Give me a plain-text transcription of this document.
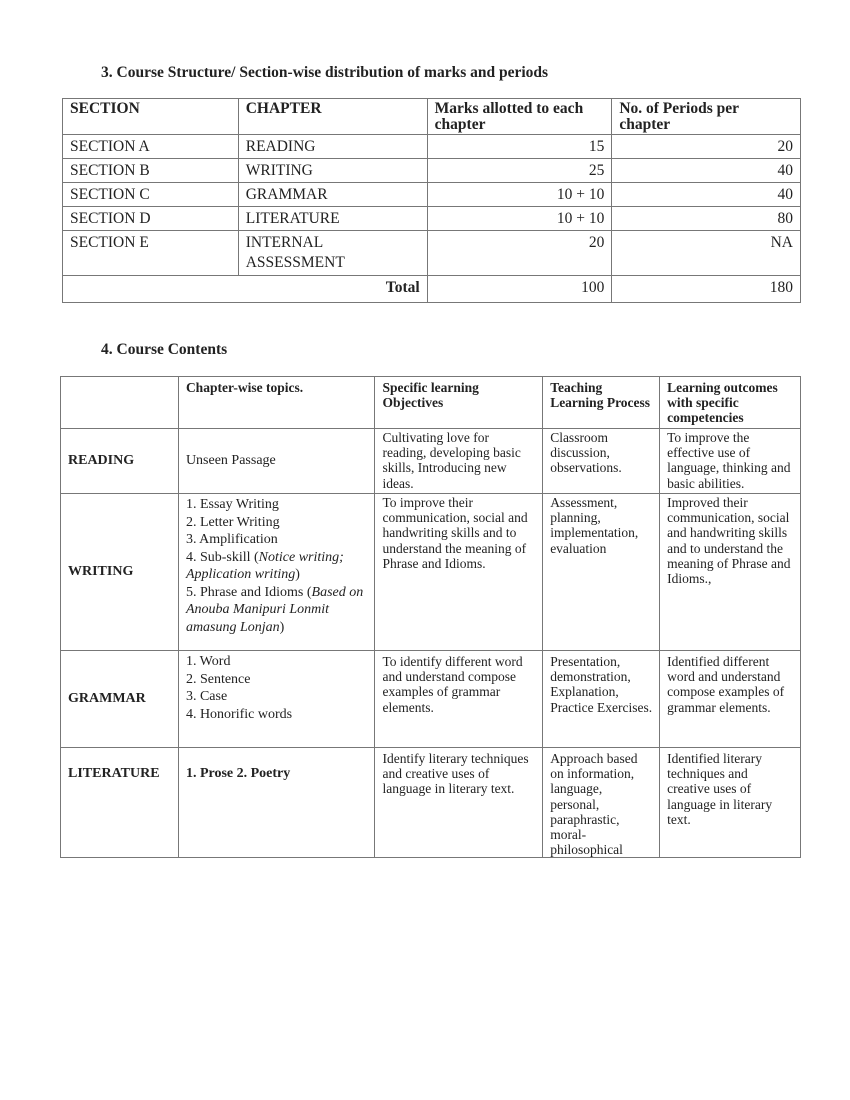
3. Course Structure/ Section-wise distribution of marks and periods
SECTION	CHAPTER	Marks allotted to each chapter	No. of Periods per chapter
SECTION A	READING	15	20
SECTION B	WRITING	25	40
SECTION C	GRAMMAR	10 + 10	40
SECTION D	LITERATURE	10 + 10	80
SECTION E	INTERNAL ASSESSMENT	20	NA
Total		100	180
4. Course Contents
	Chapter-wise topics.	Specific learning Objectives	Teaching Learning Process	Learning outcomes with specific competencies
READING	Unseen Passage	Cultivating love for reading, developing basic skills, Introducing new ideas.	Classroom discussion, observations.	To improve the effective use of language, thinking and basic abilities.
WRITING	1. Essay Writing
2. Letter Writing
3. Amplification
4. Sub-skill (Notice writing; Application writing)
5. Phrase and Idioms (Based on Anouba Manipuri Lonmit amasung Lonjan)	To improve their communication, social and handwriting skills and to understand the meaning of Phrase and Idioms.	Assessment, planning, implementation, evaluation	Improved their communication, social and handwriting skills and to understand the meaning of Phrase and Idioms.,
GRAMMAR	1. Word
2. Sentence
3. Case
4. Honorific words	To identify different word and understand compose examples of grammar elements.	Presentation, demonstration, Explanation, Practice Exercises.	Identified different word and understand compose examples of grammar elements.
LITERATURE	1. Prose 2. Poetry	Identify literary techniques and creative uses of language in literary text.	Approach based on information, language, personal, paraphrastic, moral-philosophical	Identified literary techniques and creative uses of language in literary text.
